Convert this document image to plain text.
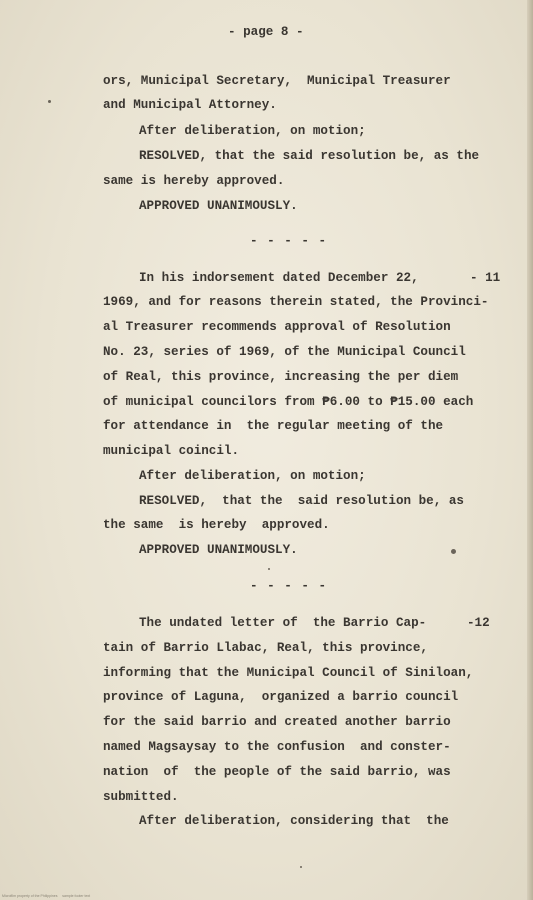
- page 8 -
ors, Municipal Secretary,  Municipal Treasurer
and Municipal Attorney.
After deliberation, on motion;
RESOLVED, that the said resolution be, as the
same is hereby approved.
APPROVED UNANIMOUSLY.
- - - - -
In his indorsement dated December 22,	- 11
1969, and for reasons therein stated, the Provinci-
al Treasurer recommends approval of Resolution
No. 23, series of 1969, of the Municipal Council
of Real, this province, increasing the per diem
of municipal councilors from ₱6.00 to ₱15.00 each
for attendance in  the regular meeting of the
municipal coincil.
After deliberation, on motion;
RESOLVED,  that the  said resolution be, as
the same  is hereby  approved.
APPROVED UNANIMOUSLY.
- - - - -
The undated letter of  the Barrio Cap-	-12
tain of Barrio Llabac, Real, this province,
informing that the Municipal Council of Siniloan,
province of Laguna,  organized a barrio council
for the said barrio and created another barrio
named Magsaysay to the confusion  and conster-
nation  of  the people of the said barrio, was
submitted.
After deliberation, considering that  the
Microfilm property of the Philippines     sample footer text
